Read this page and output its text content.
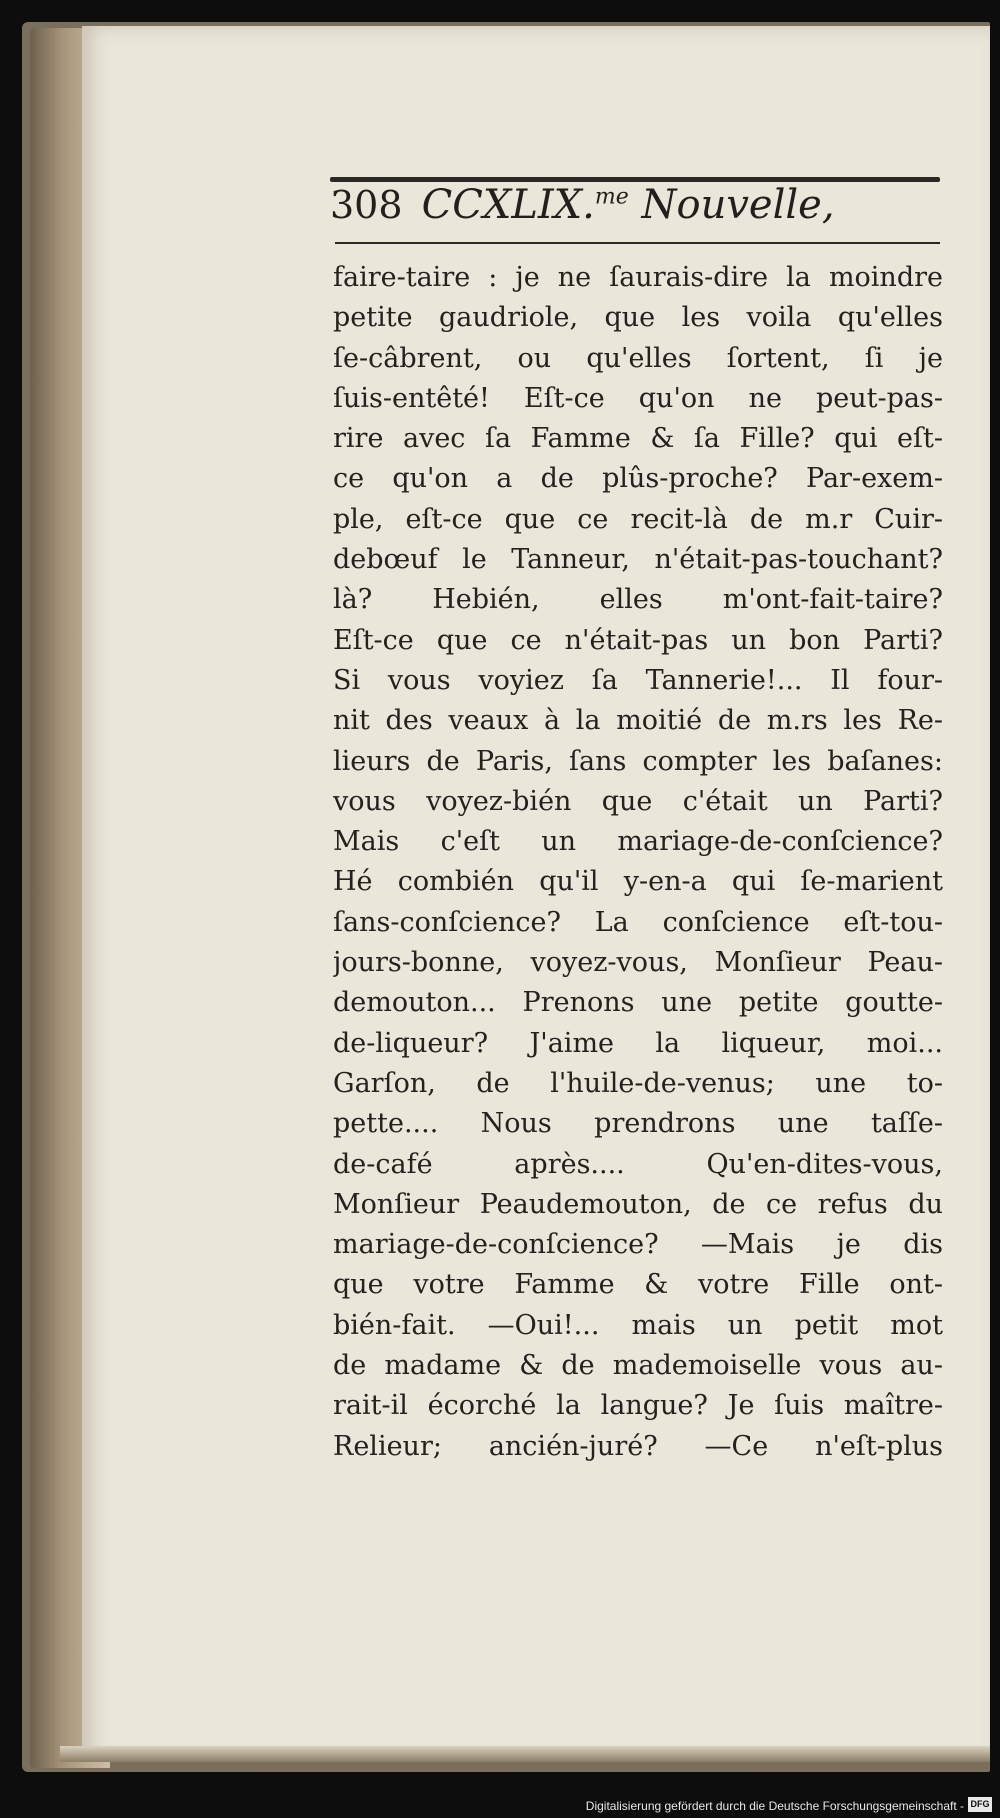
308 CCXLIX.$^{me}$ Nouvelle,
faire-taire : je ne ſaurais-dire la moindre
petite gaudriole, que les voila qu'elles
ſe-câbrent, ou qu'elles ſortent, ſi je
ſuis-entêté! Eſt-ce qu'on ne peut-pas-
rire avec ſa Famme & ſa Fille? qui eſt-
ce qu'on a de plûs-proche? Par-exem-
ple, eſt-ce que ce recit-là de m.r Cuir-
debœuf le Tanneur, n'était-pas-touchant?
là? Hebién, elles m'ont-fait-taire?
Eſt-ce que ce n'était-pas un bon Parti?
Si vous voyiez ſa Tannerie!... Il four-
nit des veaux à la moitié de m.rs les Re-
lieurs de Paris, ſans compter les baſanes:
vous voyez-bién que c'était un Parti?
Mais c'eſt un mariage-de-conſcience?
Hé combién qu'il y-en-a qui ſe-marient
ſans-conſcience? La conſcience eſt-tou-
jours-bonne, voyez-vous, Monſieur Peau-
demouton... Prenons une petite goutte-
de-liqueur? J'aime la liqueur, moi...
Garſon, de l'huile-de-venus; une to-
pette.... Nous prendrons une taſſe-
de-café après.... Qu'en-dites-vous,
Monſieur Peaudemouton, de ce refus du
mariage-de-conſcience? —Mais je dis
que votre Famme & votre Fille ont-
bién-fait. —Oui!... mais un petit mot
de madame & de mademoiselle vous au-
rait-il écorché la langue? Je ſuis maître-
Relieur; ancién-juré? —Ce n'eſt-plus
Digitalisierung gefördert durch die Deutsche Forschungsgemeinschaft - DFG
